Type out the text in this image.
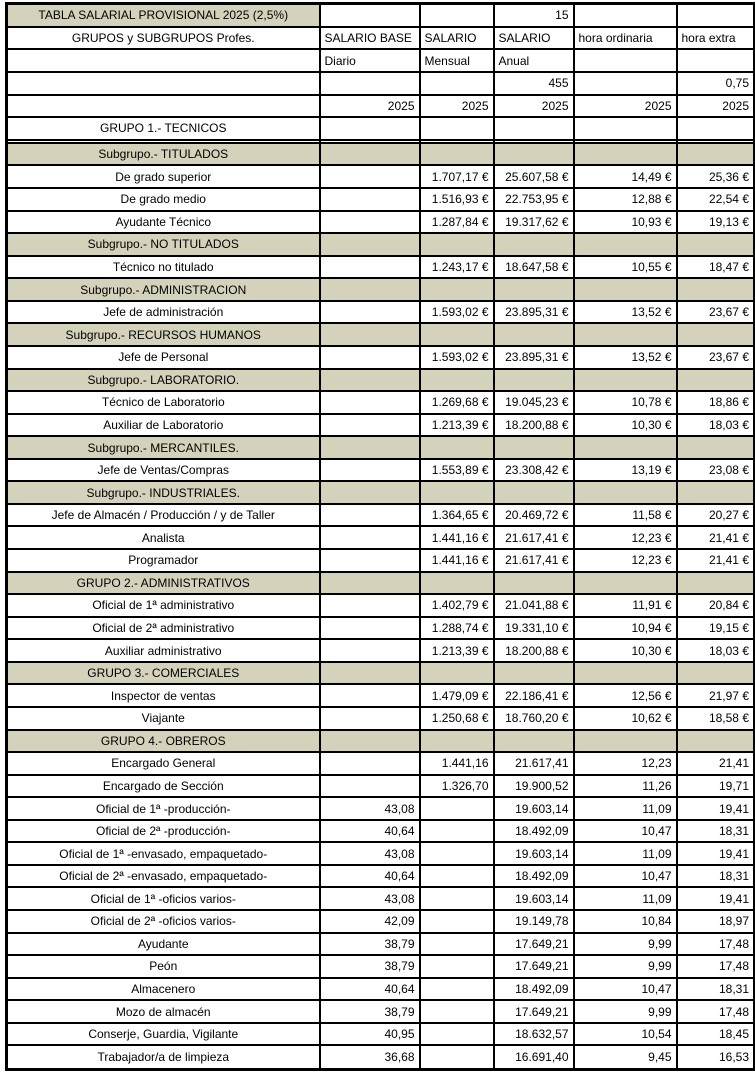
TABLA SALARIAL PROVISIONAL 2025 (2,5%)			15		
GRUPOS y SUBGRUPOS Profes.	SALARIO BASE	SALARIO	SALARIO	hora ordinaria	hora extra
	Diario	Mensual	Anual		
			455		0,75
	2025	2025	2025	2025	2025
GRUPO 1.- TECNICOS					

Subgrupo.- TITULADOS					
De grado superior		1.707,17 €	25.607,58 €	14,49 €	25,36 €
De grado medio		1.516,93 €	22.753,95 €	12,88 €	22,54 €
Ayudante Técnico		1.287,84 €	19.317,62 €	10,93 €	19,13 €
Subgrupo.- NO TITULADOS					
Técnico no titulado		1.243,17 €	18.647,58 €	10,55 €	18,47 €
Subgrupo.- ADMINISTRACION					
Jefe de administración		1.593,02 €	23.895,31 €	13,52 €	23,67 €
Subgrupo.- RECURSOS HUMANOS					
Jefe de Personal		1.593,02 €	23.895,31 €	13,52 €	23,67 €
Subgrupo.- LABORATORIO.					
Técnico de Laboratorio		1.269,68 €	19.045,23 €	10,78 €	18,86 €
Auxiliar de Laboratorio		1.213,39 €	18.200,88 €	10,30 €	18,03 €
Subgrupo.- MERCANTILES.					
Jefe de Ventas/Compras		1.553,89 €	23.308,42 €	13,19 €	23,08 €
Subgrupo.- INDUSTRIALES.					
Jefe de Almacén / Producción / y de Taller		1.364,65 €	20.469,72 €	11,58 €	20,27 €
Analista		1.441,16 €	21.617,41 €	12,23 €	21,41 €
Programador		1.441,16 €	21.617,41 €	12,23 €	21,41 €
GRUPO 2.- ADMINISTRATIVOS					
Oficial de 1ª administrativo		1.402,79 €	21.041,88 €	11,91 €	20,84 €
Oficial de 2ª administrativo		1.288,74 €	19.331,10 €	10,94 €	19,15 €
Auxiliar administrativo		1.213,39 €	18.200,88 €	10,30 €	18,03 €
GRUPO 3.- COMERCIALES					
Inspector de ventas		1.479,09 €	22.186,41 €	12,56 €	21,97 €
Viajante		1.250,68 €	18.760,20 €	10,62 €	18,58 €
GRUPO 4.- OBREROS					
Encargado General		1.441,16	21.617,41	12,23	21,41
Encargado de Sección		1.326,70	19.900,52	11,26	19,71
Oficial de 1ª -producción-	43,08		19.603,14	11,09	19,41
Oficial de 2ª -producción-	40,64		18.492,09	10,47	18,31
Oficial de 1ª -envasado, empaquetado-	43,08		19.603,14	11,09	19,41
Oficial de 2ª -envasado, empaquetado-	40,64		18.492,09	10,47	18,31
Oficial de 1ª -oficios varios-	43,08		19.603,14	11,09	19,41
Oficial de 2ª -oficios varios-	42,09		19.149,78	10,84	18,97
Ayudante	38,79		17.649,21	9,99	17,48
Peón	38,79		17.649,21	9,99	17,48
Almacenero	40,64		18.492,09	10,47	18,31
Mozo de almacén	38,79		17.649,21	9,99	17,48
Conserje, Guardia, Vigilante	40,95		18.632,57	10,54	18,45
Trabajador/a de limpieza	36,68		16.691,40	9,45	16,53
